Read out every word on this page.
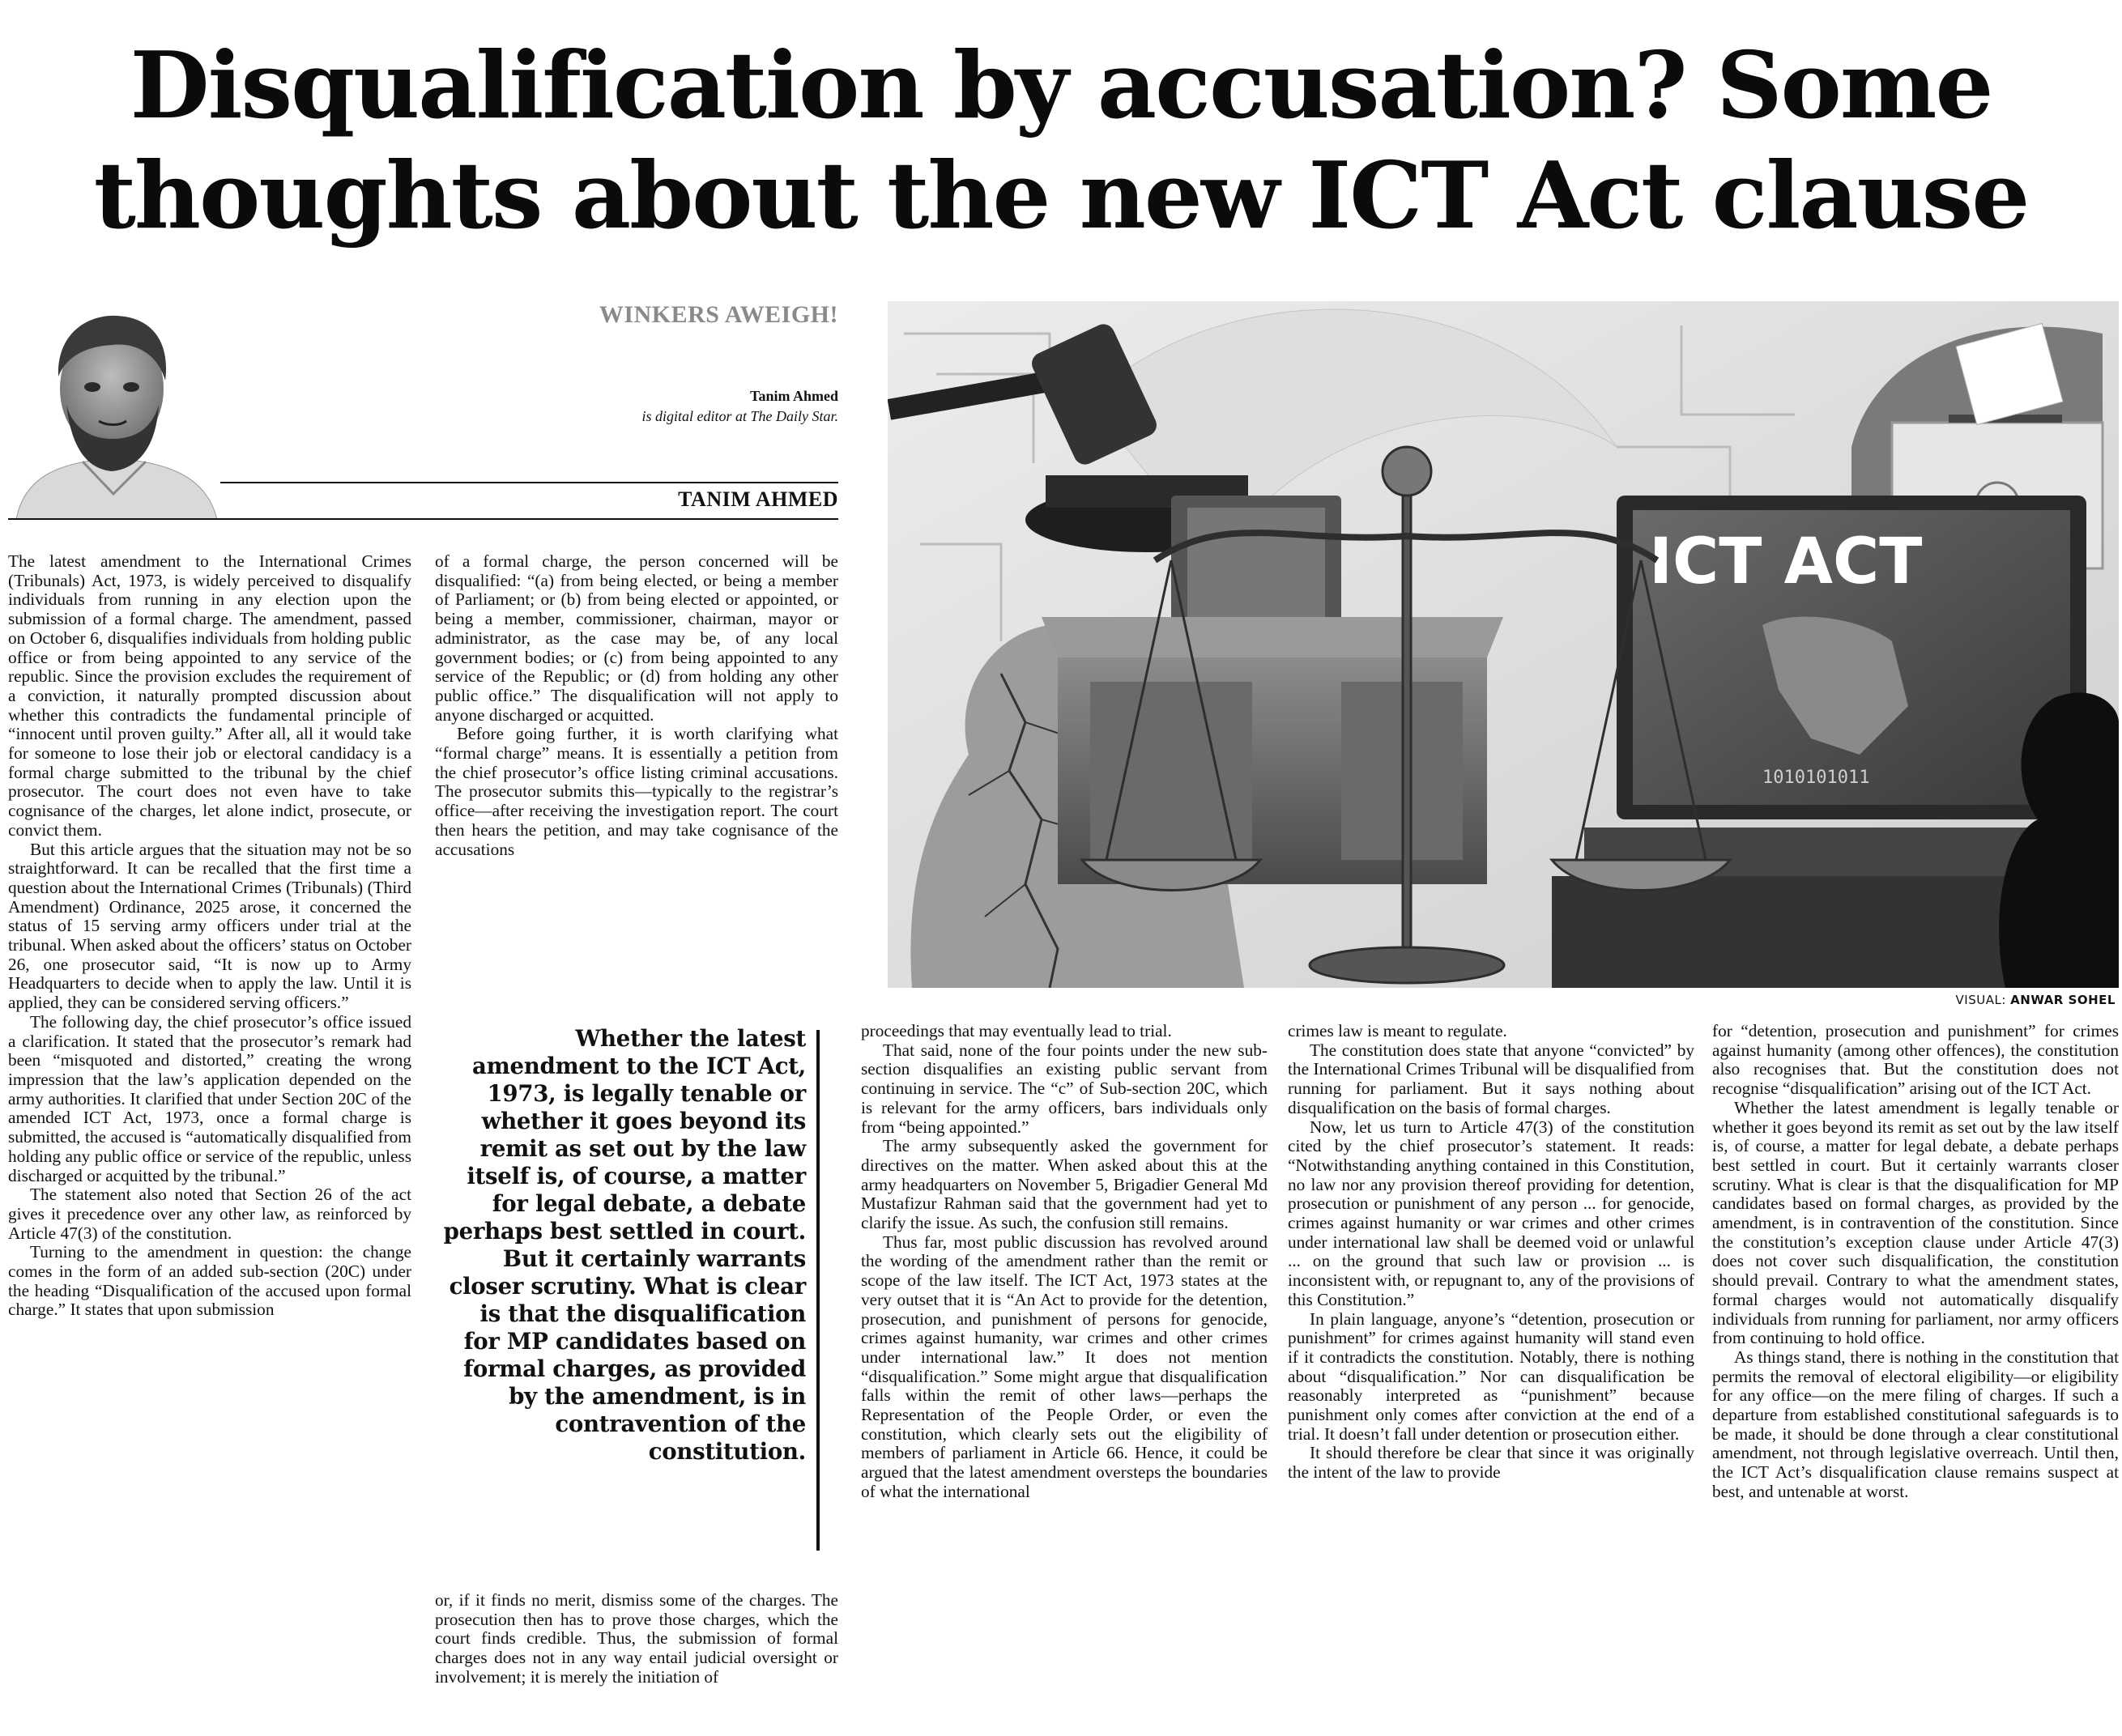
Disqualification by accusation? Some
thoughts about the new ICT Act clause
WINKERS AWEIGH!
Tanim Ahmed
is digital editor at The Daily Star.
TANIM AHMED
ICT ACT
1010101011
VISUAL: ANWAR SOHEL

The latest amendment to the International Crimes (Tribunals) Act, 1973, is widely perceived to disqualify individuals from running in any election upon the submission of a formal charge. The amendment, passed on October 6, disqualifies individuals from holding public office or from being appointed to any service of the republic. Since the provision excludes the requirement of a conviction, it naturally prompted discussion about whether this contradicts the fundamental principle of “innocent until proven guilty.” After all, all it would take for someone to lose their job or electoral candidacy is a formal charge submitted to the tribunal by the chief prosecutor. The court does not even have to take cognisance of the charges, let alone indict, prosecute, or convict them.

But this article argues that the situation may not be so straightforward. It can be recalled that the first time a question about the International Crimes (Tribunals) (Third Amendment) Ordinance, 2025 arose, it concerned the status of 15 serving army officers under trial at the tribunal. When asked about the officers’ status on October 26, one prosecutor said, “It is now up to Army Headquarters to decide when to apply the law. Until it is applied, they can be considered serving officers.”

The following day, the chief prosecutor’s office issued a clarification. It stated that the prosecutor’s remark had been “misquoted and distorted,” creating the wrong impression that the law’s application depended on the army authorities. It clarified that under Section 20C of the amended ICT Act, 1973, once a formal charge is submitted, the accused is “automatically disqualified from holding any public office or service of the republic, unless discharged or acquitted by the tribunal.”

The statement also noted that Section 26 of the act gives it precedence over any other law, as reinforced by Article 47(3) of the constitution.

Turning to the amendment in question: the change comes in the form of an added sub-section (20C) under the heading “Disqualification of the accused upon formal charge.” It states that upon submission

of a formal charge, the person concerned will be disqualified: “(a) from being elected, or being a member of Parliament; or (b) from being elected or appointed, or being a member, commissioner, chairman, mayor or administrator, as the case may be, of any local government bodies; or (c) from being appointed to any service of the Republic; or (d) from holding any other public office.” The disqualification will not apply to anyone discharged or acquitted.

Before going further, it is worth clarifying what “formal charge” means. It is essentially a petition from the chief prosecutor’s office listing criminal accusations. The prosecutor submits this—typically to the registrar’s office—after receiving the investigation report. The court then hears the petition, and may take cognisance of the accusations

Whether the latest amendment to the ICT Act, 1973, is legally tenable or whether it goes beyond its remit as set out by the law itself is, of course, a matter for legal debate, a debate perhaps best settled in court. But it certainly warrants closer scrutiny. What is clear is that the disqualification for MP candidates based on formal charges, as provided by the amendment, is in contravention of the constitution.

or, if it finds no merit, dismiss some of the charges. The prosecution then has to prove those charges, which the court finds credible. Thus, the submission of formal charges does not in any way entail judicial oversight or involvement; it is merely the initiation of

proceedings that may eventually lead to trial.

That said, none of the four points under the new sub-section disqualifies an existing public servant from continuing in service. The “c” of Sub-section 20C, which is relevant for the army officers, bars individuals only from “being appointed.”

The army subsequently asked the government for directives on the matter. When asked about this at the army headquarters on November 5, Brigadier General Md Mustafizur Rahman said that the government had yet to clarify the issue. As such, the confusion still remains.

Thus far, most public discussion has revolved around the wording of the amendment rather than the remit or scope of the law itself. The ICT Act, 1973 states at the very outset that it is “An Act to provide for the detention, prosecution, and punishment of persons for genocide, crimes against humanity, war crimes and other crimes under international law.” It does not mention “disqualification.” Some might argue that disqualification falls within the remit of other laws—perhaps the Representation of the People Order, or even the constitution, which clearly sets out the eligibility of members of parliament in Article 66. Hence, it could be argued that the latest amendment oversteps the boundaries of what the international

crimes law is meant to regulate.

The constitution does state that anyone “convicted” by the International Crimes Tribunal will be disqualified from running for parliament. But it says nothing about disqualification on the basis of formal charges.

Now, let us turn to Article 47(3) of the constitution cited by the chief prosecutor’s statement. It reads: “Notwithstanding anything contained in this Constitution, no law nor any provision thereof providing for detention, prosecution or punishment of any person ... for genocide, crimes against humanity or war crimes and other crimes under international law shall be deemed void or unlawful ... on the ground that such law or provision ... is inconsistent with, or repugnant to, any of the provisions of this Constitution.”

In plain language, anyone’s “detention, prosecution or punishment” for crimes against humanity will stand even if it contradicts the constitution. Notably, there is nothing about “disqualification.” Nor can disqualification be reasonably interpreted as “punishment” because punishment only comes after conviction at the end of a trial. It doesn’t fall under detention or prosecution either.

It should therefore be clear that since it was originally the intent of the law to provide

for “detention, prosecution and punishment” for crimes against humanity (among other offences), the constitution also recognises that. But the constitution does not recognise “disqualification” arising out of the ICT Act.

Whether the latest amendment is legally tenable or whether it goes beyond its remit as set out by the law itself is, of course, a matter for legal debate, a debate perhaps best settled in court. But it certainly warrants closer scrutiny. What is clear is that the disqualification for MP candidates based on formal charges, as provided by the amendment, is in contravention of the constitution. Since the constitution’s exception clause under Article 47(3) does not cover such disqualification, the constitution should prevail. Contrary to what the amendment states, formal charges would not automatically disqualify individuals from running for parliament, nor army officers from continuing to hold office.

As things stand, there is nothing in the constitution that permits the removal of electoral eligibility—or eligibility for any office—on the mere filing of charges. If such a departure from established constitutional safeguards is to be made, it should be done through a clear constitutional amendment, not through legislative overreach. Until then, the ICT Act’s disqualification clause remains suspect at best, and untenable at worst.
